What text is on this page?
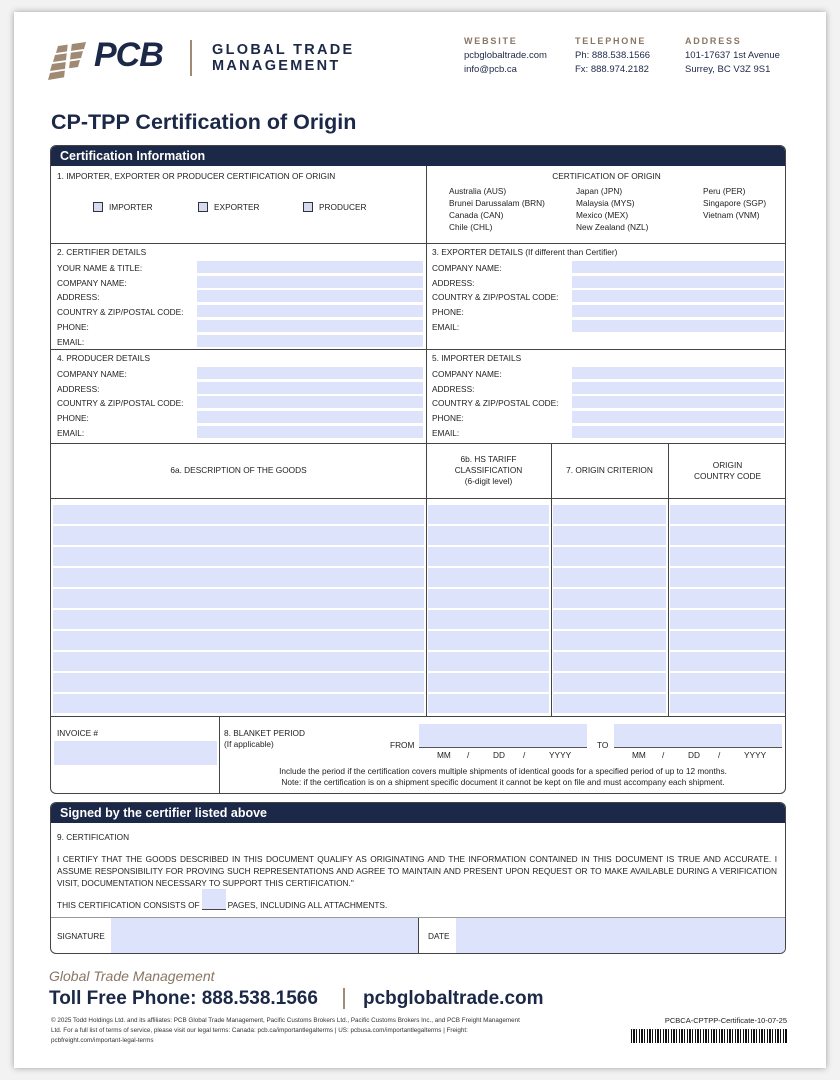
PCB	GLOBAL TRADE
MANAGEMENT
WEBSITE
pcbglobaltrade.com
info@pcb.ca
TELEPHONE
Ph: 888.538.1566
Fx: 888.974.2182
ADDRESS
101-17637 1st Avenue
Surrey, BC V3Z 9S1
CP-TPP Certification of Origin
Certification Information
1. IMPORTER, EXPORTER OR PRODUCER CERTIFICATION OF ORIGIN
IMPORTER	EXPORTER	PRODUCER
CERTIFICATION OF ORIGIN
Australia (AUS)
Brunei Darussalam (BRN)
Canada (CAN)
Chile (CHL)
Japan (JPN)
Malaysia (MYS)
Mexico (MEX)
New Zealand (NZL)
Peru (PER)
Singapore (SGP)
Vietnam (VNM)
2. CERTIFIER DETAILS
YOUR NAME & TITLE:
COMPANY NAME:
ADDRESS:
COUNTRY & ZIP/POSTAL CODE:
PHONE:
EMAIL:
3. EXPORTER DETAILS (If different than Certifier)
COMPANY NAME:
ADDRESS:
COUNTRY & ZIP/POSTAL CODE:
PHONE:
EMAIL:
4. PRODUCER DETAILS
COMPANY NAME:
ADDRESS:
COUNTRY & ZIP/POSTAL CODE:
PHONE:
EMAIL:
5. IMPORTER DETAILS
COMPANY NAME:
ADDRESS:
COUNTRY & ZIP/POSTAL CODE:
PHONE:
EMAIL:
6a. DESCRIPTION OF THE GOODS
6b. HS TARIFF
CLASSIFICATION
(6-digit level)
7. ORIGIN CRITERION
ORIGIN
COUNTRY CODE
INVOICE #	8. BLANKET PERIOD
(If applicable)	FROM	TO
MM /	DD /	YYYY	MM /	DD /	YYYY
Include the period if the certification covers multiple shipments of identical goods for a specified period of up to 12 months.
Note: if the certification is on a shipment specific document it cannot be kept on file and must accompany each shipment.
Signed by the certifier listed above
9. CERTIFICATION
I CERTIFY THAT THE GOODS DESCRIBED IN THIS DOCUMENT QUALIFY AS ORIGINATING AND THE INFORMATION CONTAINED IN THIS DOCUMENT IS TRUE AND ACCURATE. I ASSUME RESPONSIBILITY FOR PROVING SUCH REPRESENTATIONS AND AGREE TO MAINTAIN AND PRESENT UPON REQUEST OR TO MAKE AVAILABLE DURING A VERIFICATION VISIT, DOCUMENTATION NECESSARY TO SUPPORT THIS CERTIFICATION."
THIS CERTIFICATION CONSISTS OF	PAGES, INCLUDING ALL ATTACHMENTS.
SIGNATURE	DATE
Global Trade Management
Toll Free Phone: 888.538.1566 pcbglobaltrade.com
© 2025 Todd Holdings Ltd. and its affiliates: PCB Global Trade Management, Pacific Customs Brokers Ltd., Pacific Customs Brokers Inc., and PCB Freight Management Ltd. For a full list of terms of service, please visit our legal terms: Canada: pcb.ca/importantlegalterms | US: pcbusa.com/importantlegalterms | Freight: pcbfreight.com/important-legal-terms
PCBCA-CPTPP-Certificate-10-07-25
